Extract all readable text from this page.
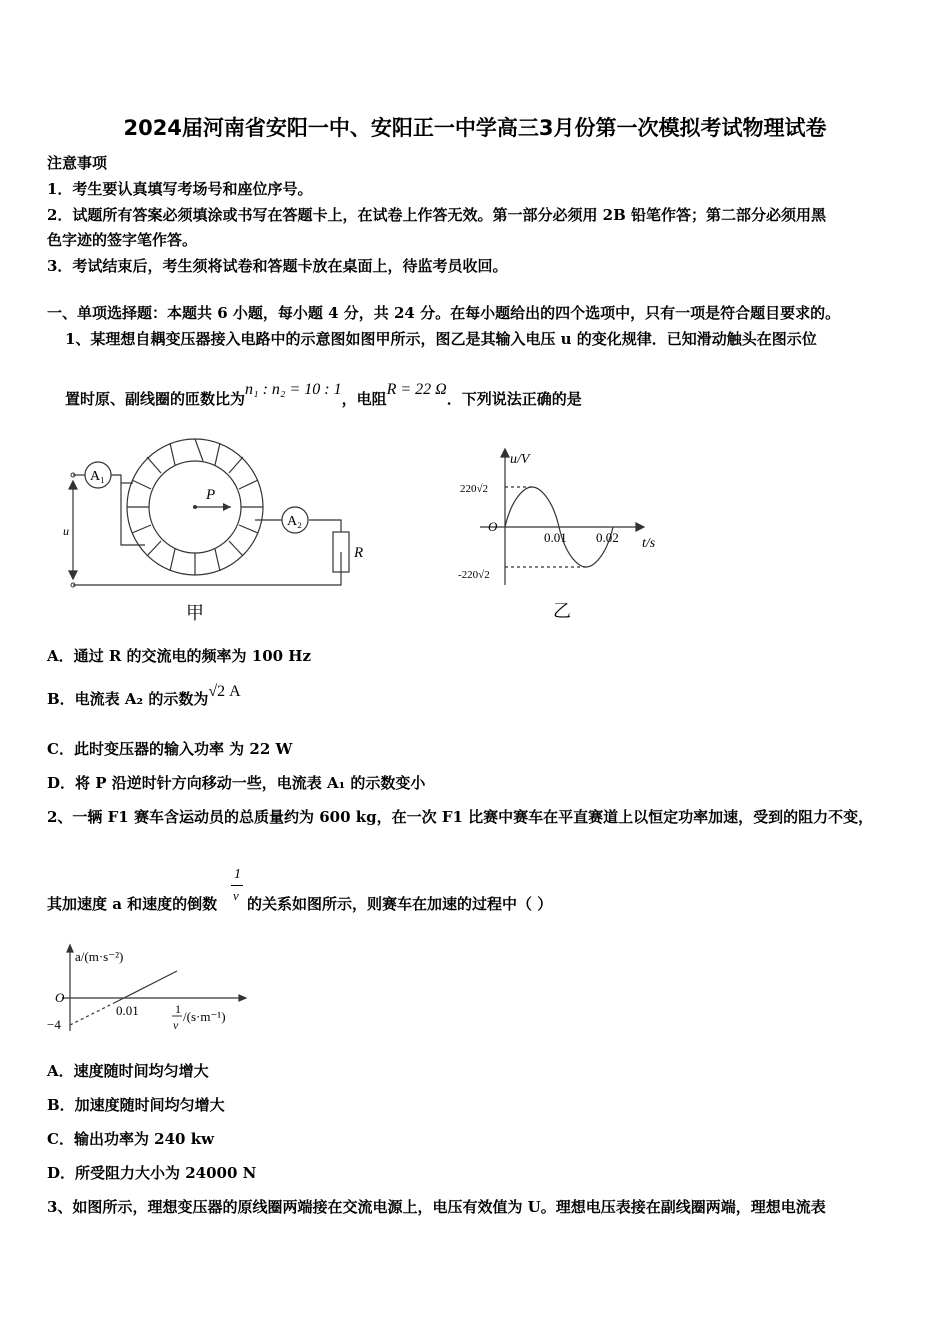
2024届河南省安阳一中、安阳正一中学高三3月份第一次模拟考试物理试卷
注意事项
1．考生要认真填写考场号和座位序号。
2．试题所有答案必须填涂或书写在答题卡上，在试卷上作答无效。第一部分必须用 2B 铅笔作答；第二部分必须用黑
色字迹的签字笔作答。
3．考试结束后，考生须将试卷和答题卡放在桌面上，待监考员收回。
一、单项选择题：本题共 6 小题，每小题 4 分，共 24 分。在每小题给出的四个选项中，只有一项是符合题目要求的。
1、某理想自耦变压器接入电路中的示意图如图甲所示，图乙是其输入电压 u 的变化规律．已知滑动触头在图示位
置时原、副线圈的匝数比为n₁ : n₂ = 10 : 1，电阻R = 22 Ω．下列说法正确的是
A₁
A₂
P
R
u
甲
u/V
t/s
O
220√2
-220√2
0.01 0.02
乙
A．通过 R 的交流电的频率为 100 Hz
B．电流表 A₂ 的示数为√2 A
C．此时变压器的输入功率 为 22 W
D．将 P 沿逆时针方向移动一些，电流表 A₁ 的示数变小
2、一辆 F1 赛车含运动员的总质量约为 600 kg，在一次 F1 比赛中赛车在平直赛道上以恒定功率加速，受到的阻力不变，
1
v
其加速度 a 和速度的倒数 的关系如图所示，则赛车在加速的过程中（ ）
a/(m·s⁻²)
O
−4
0.01	1
v
/(s·m⁻¹)
A．速度随时间均匀增大
B．加速度随时间均匀增大
C．输出功率为 240 kw
D．所受阻力大小为 24000 N
3、如图所示，理想变压器的原线圈两端接在交流电源上，电压有效值为 U。理想电压表接在副线圈两端，理想电流表
